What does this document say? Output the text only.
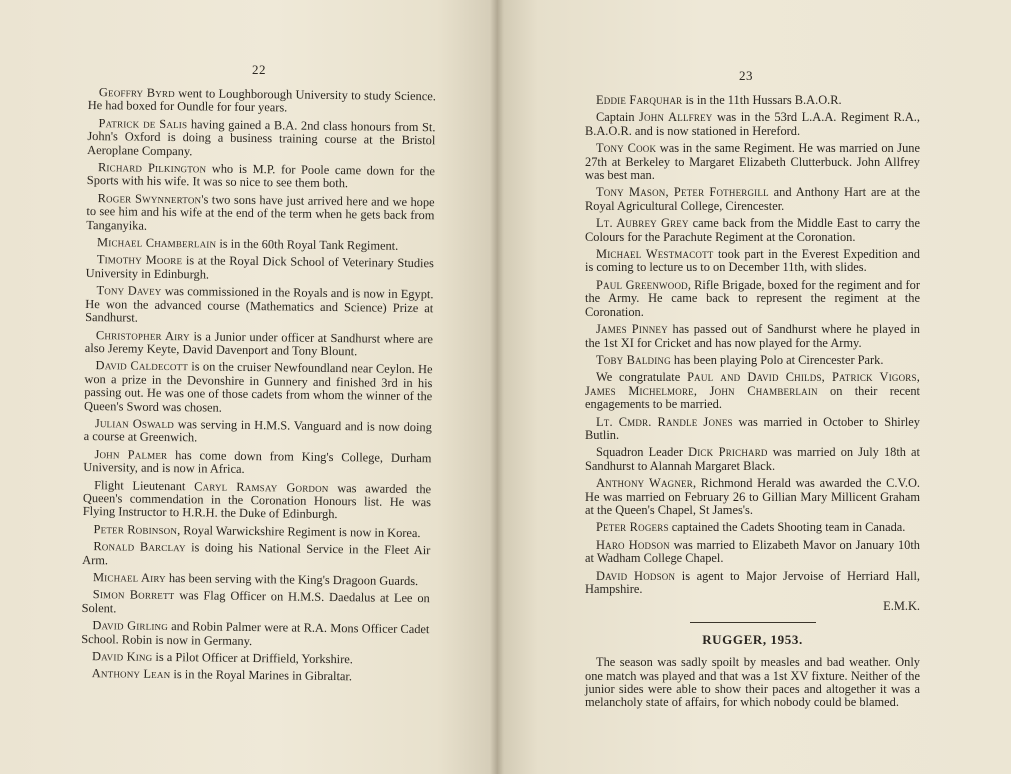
22

Geoffry Byrd went to Loughborough University to study Science. He had boxed for Oundle for four years.

Patrick de Salis having gained a B.A. 2nd class honours from St. John's Oxford is doing a business training course at the Bristol Aeroplane Company.

Richard Pilkington who is M.P. for Poole came down for the Sports with his wife. It was so nice to see them both.

Roger Swynnerton's two sons have just arrived here and we hope to see him and his wife at the end of the term when he gets back from Tanganyika.

Michael Chamberlain is in the 60th Royal Tank Regiment.

Timothy Moore is at the Royal Dick School of Veterinary Studies University in Edinburgh.

Tony Davey was commissioned in the Royals and is now in Egypt. He won the advanced course (Mathematics and Science) Prize at Sandhurst.

Christopher Airy is a Junior under officer at Sandhurst where are also Jeremy Keyte, David Davenport and Tony Blount.

David Caldecott is on the cruiser Newfoundland near Ceylon. He won a prize in the Devonshire in Gunnery and finished 3rd in his passing out. He was one of those cadets from whom the winner of the Queen's Sword was chosen.

Julian Oswald was serving in H.M.S. Vanguard and is now doing a course at Greenwich.

John Palmer has come down from King's College, Durham University, and is now in Africa.

Flight Lieutenant Caryl Ramsay Gordon was awarded the Queen's commendation in the Coronation Honours list. He was Flying Instructor to H.R.H. the Duke of Edinburgh.

Peter Robinson, Royal Warwickshire Regiment is now in Korea.

Ronald Barclay is doing his National Service in the Fleet Air Arm.

Michael Airy has been serving with the King's Dragoon Guards.

Simon Borrett was Flag Officer on H.M.S. Daedalus at Lee on Solent.

David Girling and Robin Palmer were at R.A. Mons Officer Cadet School. Robin is now in Germany.

David King is a Pilot Officer at Driffield, Yorkshire.

Anthony Lean is in the Royal Marines in Gibraltar.

23

Eddie Farquhar is in the 11th Hussars B.A.O.R.

Captain John Allfrey was in the 53rd L.A.A. Regiment R.A., B.A.O.R. and is now stationed in Hereford.

Tony Cook was in the same Regiment. He was married on June 27th at Berkeley to Margaret Elizabeth Clutterbuck. John Allfrey was best man.

Tony Mason, Peter Fothergill and Anthony Hart are at the Royal Agricultural College, Cirencester.

Lt. Aubrey Grey came back from the Middle East to carry the Colours for the Parachute Regiment at the Coronation.

Michael Westmacott took part in the Everest Expedition and is coming to lecture us to on December 11th, with slides.

Paul Greenwood, Rifle Brigade, boxed for the regiment and for the Army. He came back to represent the regiment at the Coronation.

James Pinney has passed out of Sandhurst where he played in the 1st XI for Cricket and has now played for the Army.

Toby Balding has been playing Polo at Cirencester Park.

We congratulate Paul and David Childs, Patrick Vigors, James Michelmore, John Chamberlain on their recent engagements to be married.

Lt. Cmdr. Randle Jones was married in October to Shirley Butlin.

Squadron Leader Dick Prichard was married on July 18th at Sandhurst to Alannah Margaret Black.

Anthony Wagner, Richmond Herald was awarded the C.V.O. He was married on February 26 to Gillian Mary Millicent Graham at the Queen's Chapel, St James's.

Peter Rogers captained the Cadets Shooting team in Canada.

Haro Hodson was married to Elizabeth Mavor on January 10th at Wadham College Chapel.

David Hodson is agent to Major Jervoise of Herriard Hall, Hampshire.

E.M.K.
RUGGER, 1953.

The season was sadly spoilt by measles and bad weather. Only one match was played and that was a 1st XV fixture. Neither of the junior sides were able to show their paces and altogether it was a melancholy state of affairs, for which nobody could be blamed.
